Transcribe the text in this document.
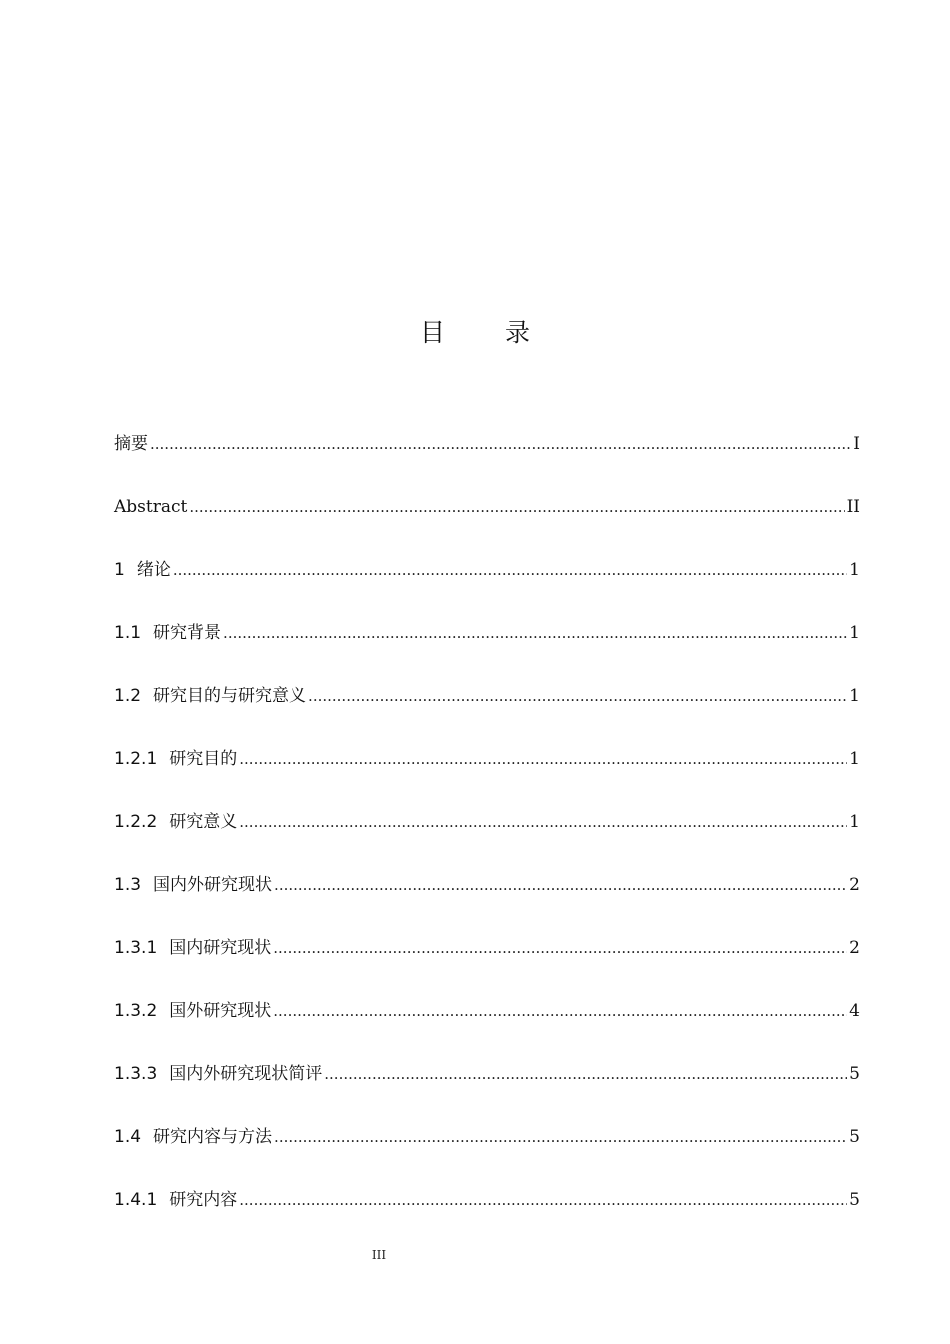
目 录
摘要 .....	I
Abstract .....	II
1 绪论 .....	1
1.1 研究背景 .....	1
1.2 研究目的与研究意义 .....	1
1.2.1 研究目的 .....	1
1.2.2 研究意义 .....	1
1.3 国内外研究现状 .....	2
1.3.1 国内研究现状 .....	2
1.3.2 国外研究现状 .....	4
1.3.3 国内外研究现状简评 .....	5
1.4 研究内容与方法 .....	5
1.4.1 研究内容 .....	5
III
